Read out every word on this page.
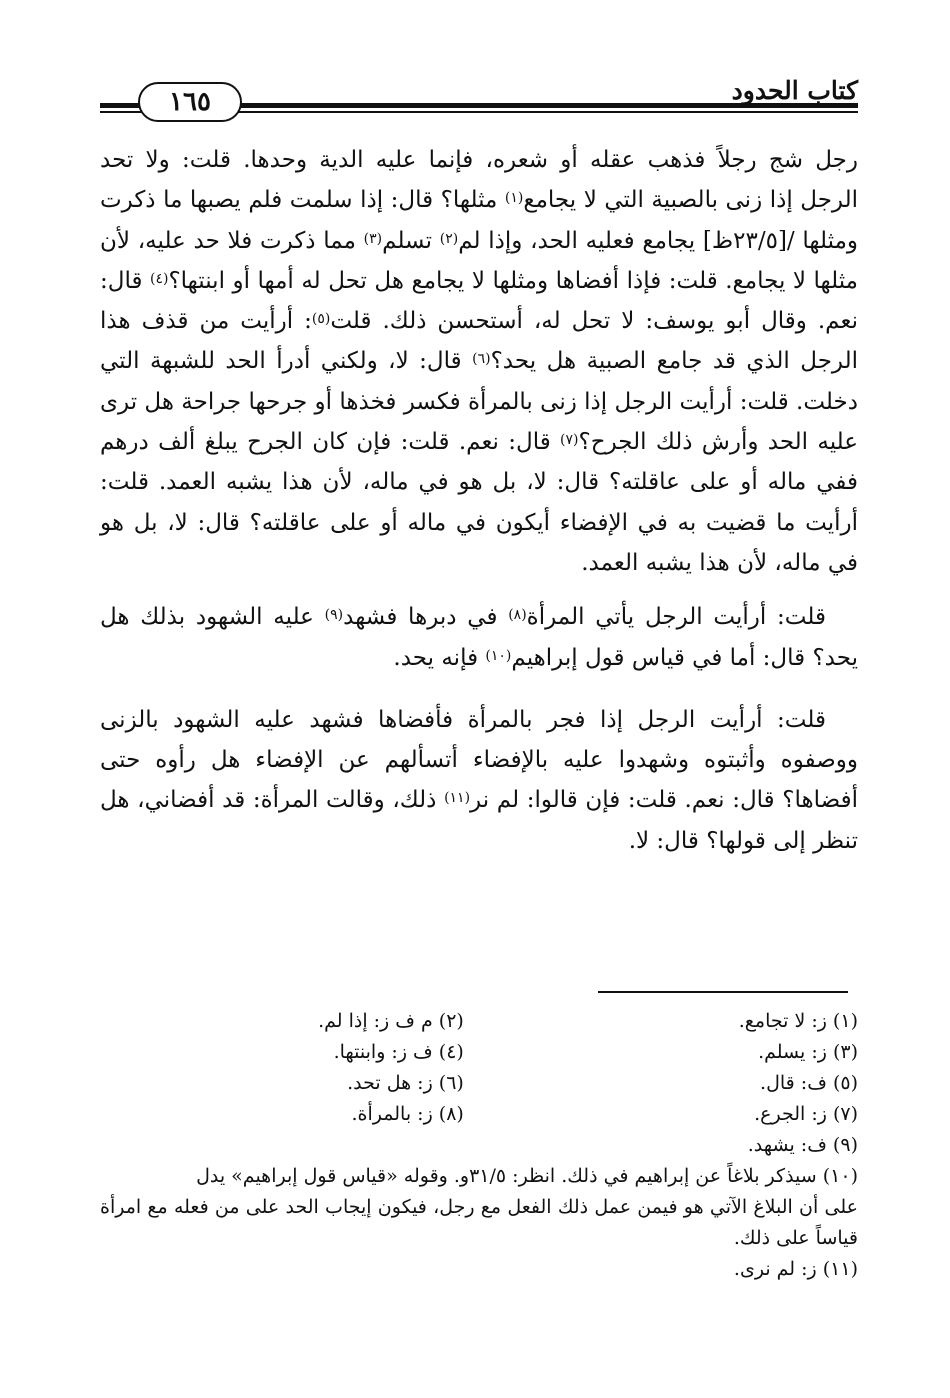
١٦٥	كتاب الحدود

رجل شج رجلاً فذهب عقله أو شعره، فإنما عليه الدية وحدها. قلت: ولا تحد الرجل إذا زنى بالصبية التي لا يجامع$^{(١)}$ مثلها؟ قال: إذا سلمت فلم يصبها ما ذكرت ومثلها /[٢٣/٥ظ] يجامع فعليه الحد، وإذا لم$^{(٢)}$ تسلم$^{(٣)}$ مما ذكرت فلا حد عليه، لأن مثلها لا يجامع. قلت: فإذا أفضاها ومثلها لا يجامع هل تحل له أمها أو ابنتها؟$^{(٤)}$ قال: نعم. وقال أبو يوسف: لا تحل له، أستحسن ذلك. قلت$^{(٥)}$: أرأيت من قذف هذا الرجل الذي قد جامع الصبية هل يحد؟$^{(٦)}$ قال: لا، ولكني أدرأ الحد للشبهة التي دخلت. قلت: أرأيت الرجل إذا زنى بالمرأة فكسر فخذها أو جرحها جراحة هل ترى عليه الحد وأرش ذلك الجرح؟$^{(٧)}$ قال: نعم. قلت: فإن كان الجرح يبلغ ألف درهم ففي ماله أو على عاقلته؟ قال: لا، بل هو في ماله، لأن هذا يشبه العمد. قلت: أرأيت ما قضيت به في الإفضاء أيكون في ماله أو على عاقلته؟ قال: لا، بل هو في ماله، لأن هذا يشبه العمد.

قلت: أرأيت الرجل يأتي المرأة$^{(٨)}$ في دبرها فشهد$^{(٩)}$ عليه الشهود بذلك هل يحد؟ قال: أما في قياس قول إبراهيم$^{(١٠)}$ فإنه يحد.

قلت: أرأيت الرجل إذا فجر بالمرأة فأفضاها فشهد عليه الشهود بالزنى ووصفوه وأثبتوه وشهدوا عليه بالإفضاء أتسألهم عن الإفضاء هل رأوه حتى أفضاها؟ قال: نعم. قلت: فإن قالوا: لم نر$^{(١١)}$ ذلك، وقالت المرأة: قد أفضاني، هل تنظر إلى قولها؟ قال: لا.

(١) ز: لا تجامع.
(٢) م ف ز: إذا لم.
(٣) ز: يسلم.
(٤) ف ز: وابنتها.
(٥) ف: قال.
(٦) ز: هل تحد.
(٧) ز: الجرع.
(٨) ز: بالمرأة.

(٩) ف: يشهد.

(١٠) سيذكر بلاغاً عن إبراهيم في ذلك. انظر: ٣١/٥و. وقوله «قياس قول إبراهيم» يدل

على أن البلاغ الآتي هو فيمن عمل ذلك الفعل مع رجل، فيكون إيجاب الحد على من فعله مع امرأة قياساً على ذلك.

(١١) ز: لم نرى.
